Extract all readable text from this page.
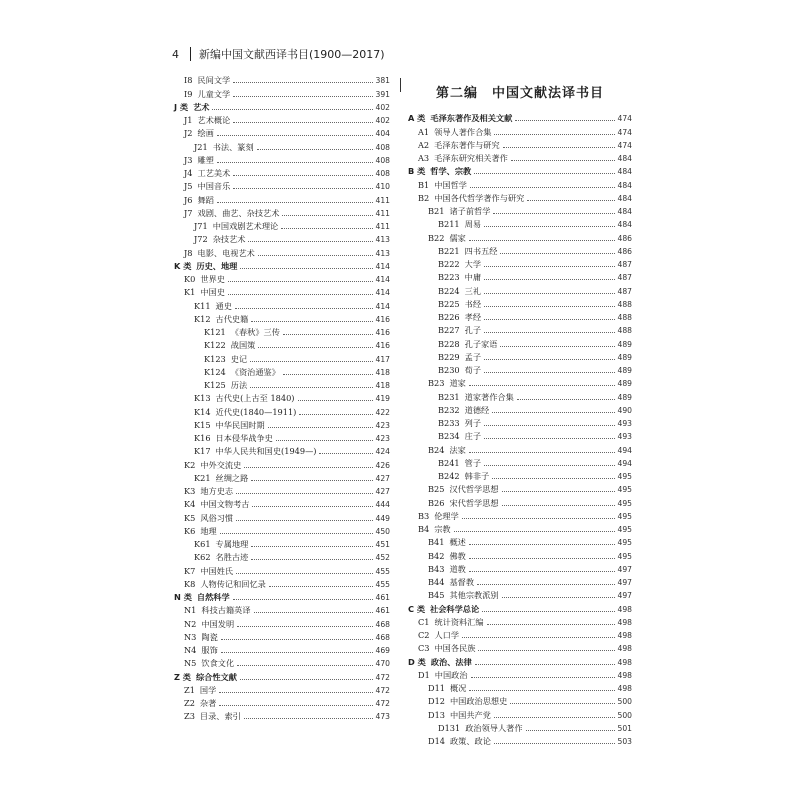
4	新编中国文献西译书目(1900—2017)
第二编　中国文献法译书目
I8 民间文学	381
I9 儿童文学	391
J 类 艺术	402
J1 艺术概论	402
J2 绘画	404
J21 书法、篆刻	408
J3 雕塑	408
J4 工艺美术	408
J5 中国音乐	410
J6 舞蹈	411
J7 戏剧、曲艺、杂技艺术	411
J71 中国戏剧艺术理论	411
J72 杂技艺术	413
J8 电影、电视艺术	413
K 类 历史、地理	414
K0 世界史	414
K1 中国史	414
K11 通史	414
K12 古代史籍	416
K121 《春秋》三传	416
K122 战国策	416
K123 史记	417
K124 《资治通鉴》	418
K125 历法	418
K13 古代史(上古至 1840)	419
K14 近代史(1840—1911)	422
K15 中华民国时期	423
K16 日本侵华战争史	423
K17 中华人民共和国史(1949—)	424
K2 中外交流史	426
K21 丝绸之路	427
K3 地方史志	427
K4 中国文物考古	444
K5 风俗习惯	449
K6 地理	450
K61 专属地理	451
K62 名胜古迹	452
K7 中国姓氏	455
K8 人物传记和回忆录	455
N 类 自然科学	461
N1 科技古籍英译	461
N2 中国发明	468
N3 陶瓷	468
N4 服饰	469
N5 饮食文化	470
Z 类 综合性文献	472
Z1 国学	472
Z2 杂著	472
Z3 目录、索引	473
A 类 毛泽东著作及相关文献	474
A1 领导人著作合集	474
A2 毛泽东著作与研究	474
A3 毛泽东研究相关著作	484
B 类 哲学、宗教	484
B1 中国哲学	484
B2 中国各代哲学著作与研究	484
B21 诸子前哲学	484
B211 周易	484
B22 儒家	486
B221 四书五经	486
B222 大学	487
B223 中庸	487
B224 三礼	487
B225 书经	488
B226 孝经	488
B227 孔子	488
B228 孔子家语	489
B229 孟子	489
B230 荀子	489
B23 道家	489
B231 道家著作合集	489
B232 道德经	490
B233 列子	493
B234 庄子	493
B24 法家	494
B241 管子	494
B242 韩非子	495
B25 汉代哲学思想	495
B26 宋代哲学思想	495
B3 伦理学	495
B4 宗教	495
B41 概述	495
B42 佛教	495
B43 道教	497
B44 基督教	497
B45 其他宗教派别	497
C 类 社会科学总论	498
C1 统计资料汇编	498
C2 人口学	498
C3 中国各民族	498
D 类 政治、法律	498
D1 中国政治	498
D11 概况	498
D12 中国政治思想史	500
D13 中国共产党	500
D131 政治领导人著作	501
D14 政策、政论	503
